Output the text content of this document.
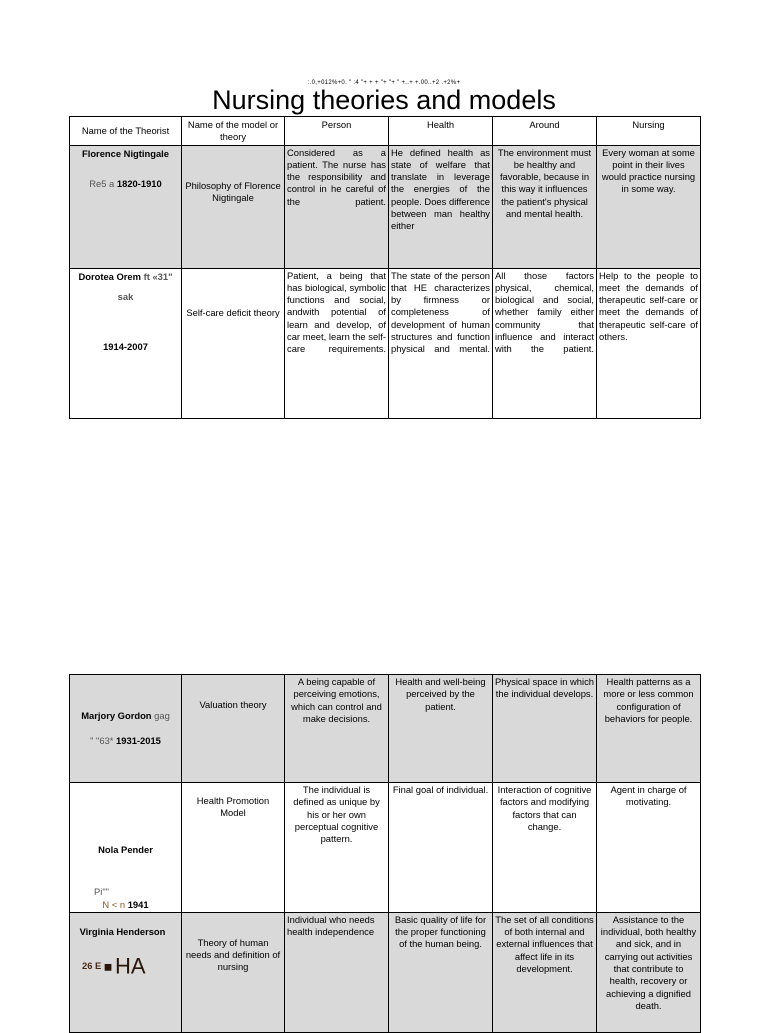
:.0,+012%+0. " :4 "+ + + "+ "+ " +..+ +.00..+2 .+2%+
Nursing theories and models
Name of the Theorist	Name of the model or theory	Person	Health	Around	Nursing

Florence Nigtingale
Re5 a 1820-1910	Philosophy of Florence Nigtingale	Considered as a patient. The nurse has the responsibility and control in he careful of the patient.	He defined health as state of welfare that translate in leverage the energies of the people. Does difference between man healthy either	The environment must be healthy and favorable, because in this way it influences the patient's physical and mental health.	Every woman at some point in their lives would practice nursing in some way.

Dorotea Orem ft «31"
sak
1914-2007	Self-care deficit theory	Patient, a being that has biological, symbolic functions and social, andwith potential of learn and develop, of car meet, learn the self-care requirements.	The state of the person that HE characterizes by firmness or completeness of development of human structures and function physical and mental.	All those factors physical, chemical, biological and social, whether family either community that influence and interact with the patient.	Help to the people to meet the demands of therapeutic self-care or meet the demands of therapeutic self-care of others.
Marjory Gordon gag
" "63* 1931-2015	Valuation theory	A being capable of perceiving emotions, which can control and make decisions.	Health and well-being perceived by the patient.	Physical space in which the individual develops.	Health patterns as a more or less common configuration of behaviors for people.

Nola Pender
Pi""
N < n 1941	Health Promotion Model	The individual is defined as unique by his or her own perceptual cognitive pattern.	Final goal of individual.	Interaction of cognitive factors and modifying factors that can change.	Agent in charge of motivating.

Virginia Henderson
26 E ■ HA	Theory of human needs and definition of nursing	Individual who needs health independence	Basic quality of life for the proper functioning of the human being.	The set of all conditions of both internal and external influences that affect life in its development.	Assistance to the individual, both healthy and sick, and in carrying out activities that contribute to health, recovery or achieving a dignified death.
